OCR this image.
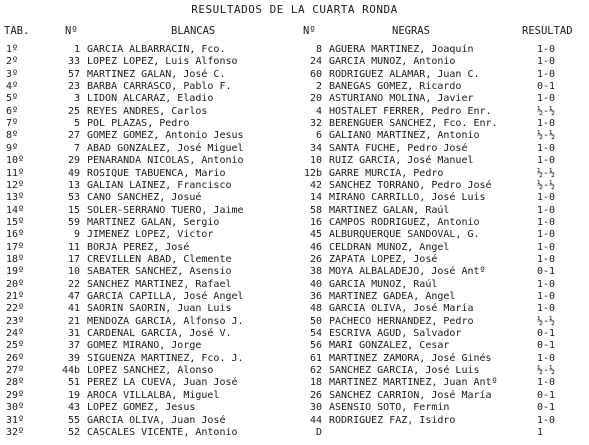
RESULTADOS DE LA CUARTA RONDA
TAB.	Nº	BLANCAS	Nº	NEGRAS	RESULTAD
1º	1 GARCIA ALBARRACIN, Fco.	8 AGÜERA MARTINEZ, Joaquín	1-0
2º	33 LOPEZ LOPEZ, Luis Alfonso	24 GARCIA MUÑOZ, Antonio	1-0
3º	57 MARTINEZ GALAN, José C.	60 RODRIGUEZ ALAMAR, Juan C.	1-0
4º	23 BARBA CARRASCO, Pablo F.	2 BANEGAS GOMEZ, Ricardo	0-1
5º	3 LIDON ALCARAZ, Eladio	20 ASTURIANO MOLINA, Javier	1-0
6º	25 REYES ANDRES, Carlos	4 HOSTALET FERRER, Pedro Enr.	½-½
7º	5 POL PLAZAS, Pedro	32 BERENGUER SANCHEZ, Fco. Enr.	1-0
8º	27 GOMEZ GOMEZ, Antonio Jesus	6 GALIANO MARTINEZ, Antonio	½-½
9º	7 ABAD GONZALEZ, José Miguel	34 SANTA FUCHE, Pedro José	1-0
10º	29 PEÑARANDA NICOLAS, Antonio	10 RUIZ GARCIA, José Manuel	1-0
11º	49 ROSIQUE TABUENCA, Mario	12b GARRE MURCIA, Pedro	½-½
12º	13 GALIAN LAINEZ, Francisco	42 SANCHEZ TORRANO, Pedro José	½-½
13º	53 CANO SANCHEZ, Josué	14 MIRANO CARRILLO, José Luis	1-0
14º	15 SOLER-SERRANO TUERO, Jaime	58 MARTINEZ GALAN, Raúl	1-0
15º	59 MARTINEZ GALAN, Sergio	16 CAMPOS RODRIGUEZ, Antonio	1-0
16º	9 JIMENEZ LOPEZ, Victor	45 ALBURQUERQUE SANDOVAL, G.	1-0
17º	11 BORJA PEREZ, José	46 CELDRAN MUÑOZ, Angel	1-0
18º	17 CREVILLEN ABAD, Clemente	26 ZAPATA LOPEZ, José	1-0
19º	10 SABATER SANCHEZ, Asensio	38 MOYA ALBALADEJO, José Antº	0-1
20º	22 SANCHEZ MARTINEZ, Rafael	40 GARCIA MUÑOZ, Raúl	1-0
21º	47 GARCIA CAPILLA, José Angel	36 MARTINEZ GADEA, Angel	1-0
22º	41 SAORIN SAORIN, Juan Luis	48 GARCIA OLIVA, José María	1-0
23º	21 MENDOZA GARCIA, Alfonso J.	50 PACHECO HERNANDEZ, Pedro	½-½
24º	31 CARDENAL GARCIA, José V.	54 ESCRIVA AGUD, Salvador	0-1
25º	37 GOMEZ MIRANO, Jorge	56 MARI GONZALEZ, Cesar	0-1
26º	39 SIGUENZA MARTINEZ, Fco. J.	61 MARTINEZ ZAMORA, José Ginés	1-0
27º	44b LOPEZ SANCHEZ, Alonso	62 SANCHEZ GARCIA, José Luis	½-½
28º	51 PEREZ LA CUEVA, Juan José	18 MARTINEZ MARTINEZ, Juan Antº	1-0
29º	19 AROCA VILLALBA, Miguel	26 SANCHEZ CARRION, José María	0-1
30º	43 LOPEZ GOMEZ, Jesus	30 ASENSIO SOTO, Fermin	0-1
31º	55 GARCIA OLIVA, Juan José	44 RODRIGUEZ FAZ, Isidro	1-0
32º	52 CASCALES VICENTE, Antonio	D	1
